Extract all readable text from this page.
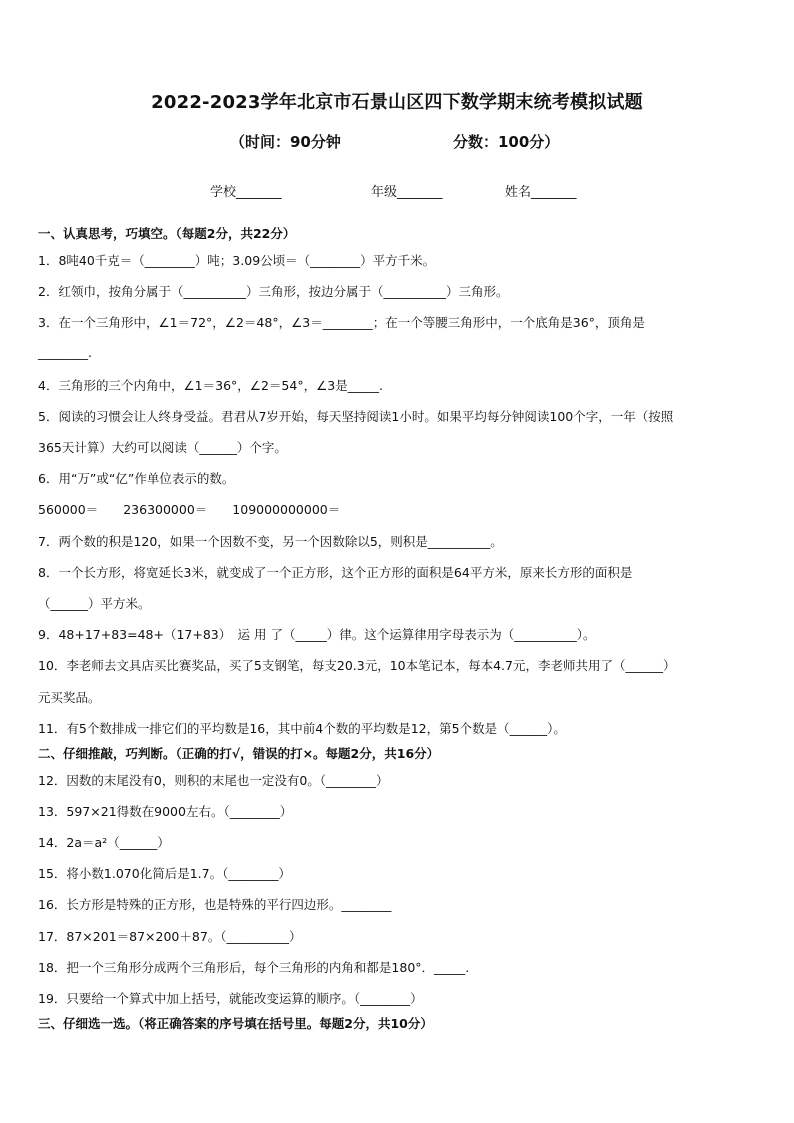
2022-2023学年北京市石景山区四下数学期末统考模拟试题
（时间：90分钟	分数：100分）
学校_______	年级_______	姓名_______
一、认真思考，巧填空。（每题2分，共22分）
1．8吨40千克＝（________）吨；3.09公顷＝（________）平方千米。
2．红领巾，按角分属于（__________）三角形，按边分属于（__________）三角形。
3．在一个三角形中，∠1＝72°，∠2＝48°，∠3＝________；在一个等腰三角形中，一个底角是36°，顶角是
________.
4．三角形的三个内角中，∠1＝36°，∠2＝54°，∠3是_____.
5．阅读的习惯会让人终身受益。君君从7岁开始，每天坚持阅读1小时。如果平均每分钟阅读100个字，一年（按照
365天计算）大约可以阅读（______）个字。
6．用“万”或“亿”作单位表示的数。
560000＝　　236300000＝　　109000000000＝
7．两个数的积是120，如果一个因数不变，另一个因数除以5，则积是__________。
8．一个长方形，将宽延长3米，就变成了一个正方形，这个正方形的面积是64平方米，原来长方形的面积是
（______）平方米。
9．48+17+83=48+（17+83）　运 用 了（_____）律。这个运算律用字母表示为（__________）。
10．李老师去文具店买比赛奖品，买了5支钢笔，每支20.3元，10本笔记本，每本4.7元，李老师共用了（______）
元买奖品。
11．有5个数排成一排它们的平均数是16，其中前4个数的平均数是12，第5个数是（______）。
二、仔细推敲，巧判断。（正确的打√，错误的打×。每题2分，共16分）
12．因数的末尾没有0，则积的末尾也一定没有0。（________）
13．597×21得数在9000左右。（________）
14．2a＝a²（______）
15．将小数1.070化简后是1.7。（________）
16．长方形是特殊的正方形，也是特殊的平行四边形。________
17．87×201＝87×200＋87。（__________）
18．把一个三角形分成两个三角形后，每个三角形的内角和都是180°．_____.
19．只要给一个算式中加上括号，就能改变运算的顺序。（________）
三、仔细选一选。（将正确答案的序号填在括号里。每题2分，共10分）
